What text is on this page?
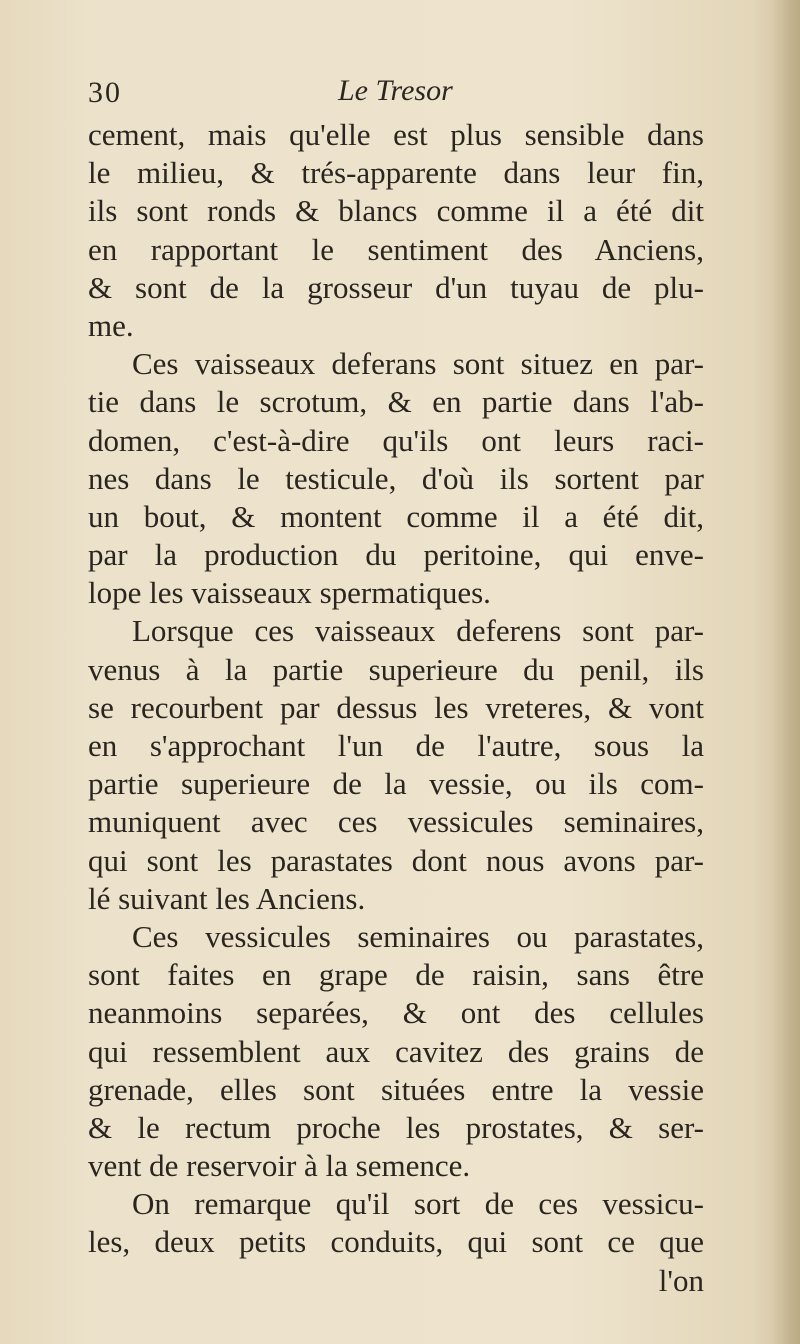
30	Le Tresor
cement, mais qu'elle est plus sensible dans
le milieu, & trés-apparente dans leur fin,
ils sont ronds & blancs comme il a été dit
en rapportant le sentiment des Anciens,
& sont de la grosseur d'un tuyau de plu-
me.
Ces vaisseaux deferans sont situez en par-
tie dans le scrotum, & en partie dans l'ab-
domen, c'est-à-dire qu'ils ont leurs raci-
nes dans le testicule, d'où ils sortent par
un bout, & montent comme il a été dit,
par la production du peritoine, qui enve-
lope les vaisseaux spermatiques.
Lorsque ces vaisseaux deferens sont par-
venus à la partie superieure du penil, ils
se recourbent par dessus les vreteres, & vont
en s'approchant l'un de l'autre, sous la
partie superieure de la vessie, ou ils com-
muniquent avec ces vessicules seminaires,
qui sont les parastates dont nous avons par-
lé suivant les Anciens.
Ces vessicules seminaires ou parastates,
sont faites en grape de raisin, sans être
neanmoins separées, & ont des cellules
qui ressemblent aux cavitez des grains de
grenade, elles sont situées entre la vessie
& le rectum proche les prostates, & ser-
vent de reservoir à la semence.
On remarque qu'il sort de ces vessicu-
les, deux petits conduits, qui sont ce que
l'on
